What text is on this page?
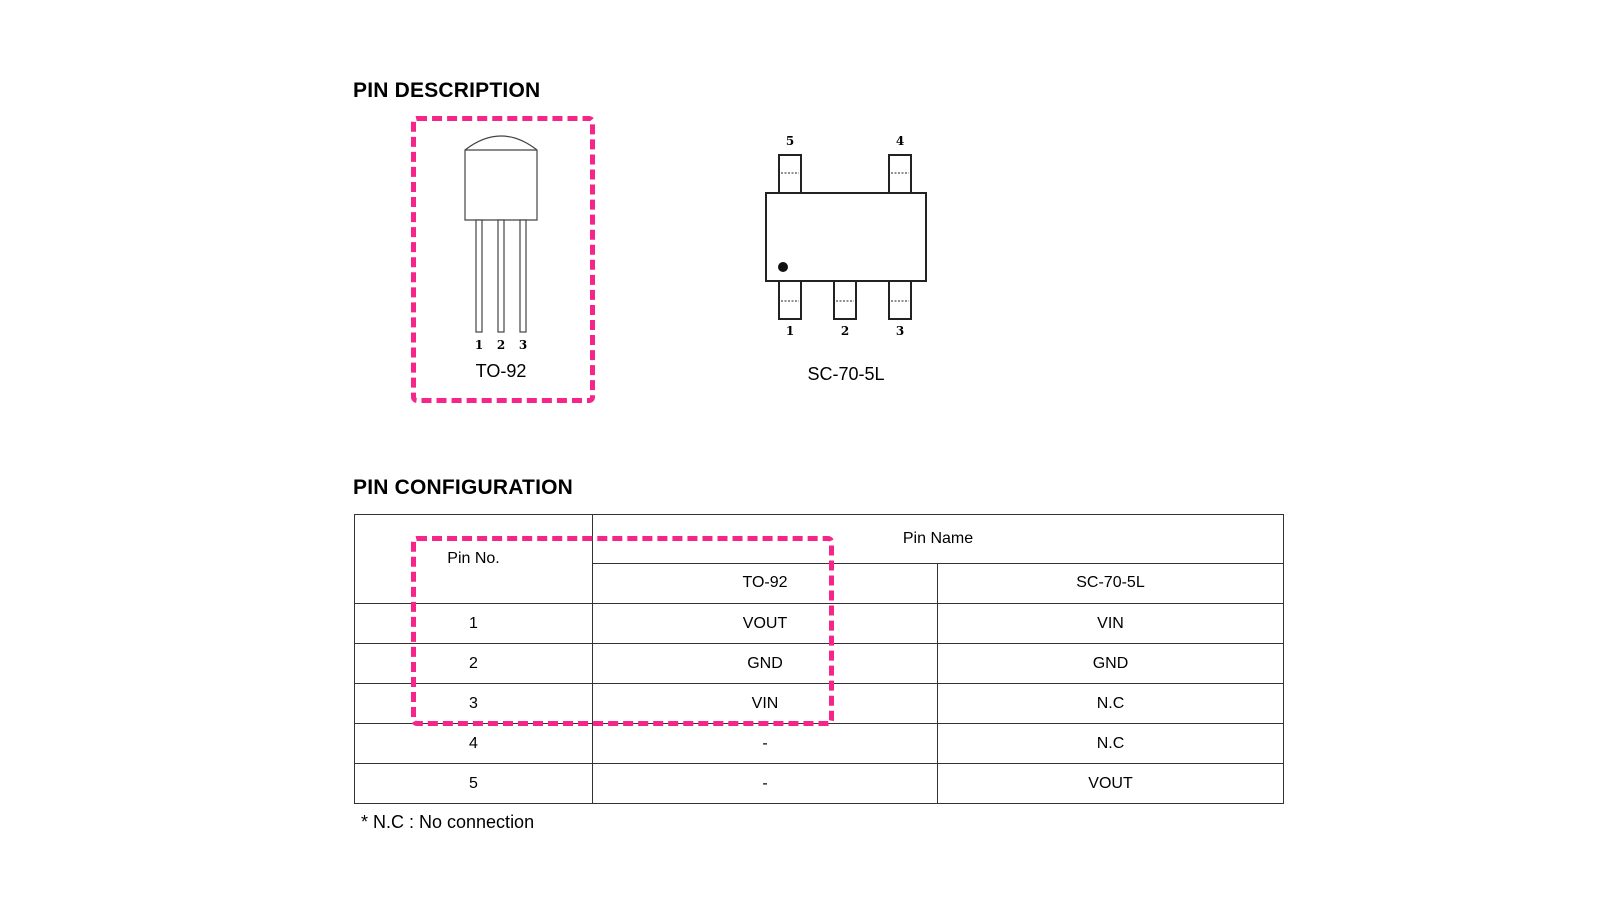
PIN DESCRIPTION
1 2 3
TO-92
5	4
1	2	3
SC-70-5L
PIN CONFIGURATION
Pin No.	Pin Name	
	TO-92	SC-70-5L
1	VOUT	VIN
2	GND	GND
3	VIN	N.C
4	-	N.C
5	-	VOUT
* N.C : No connection
